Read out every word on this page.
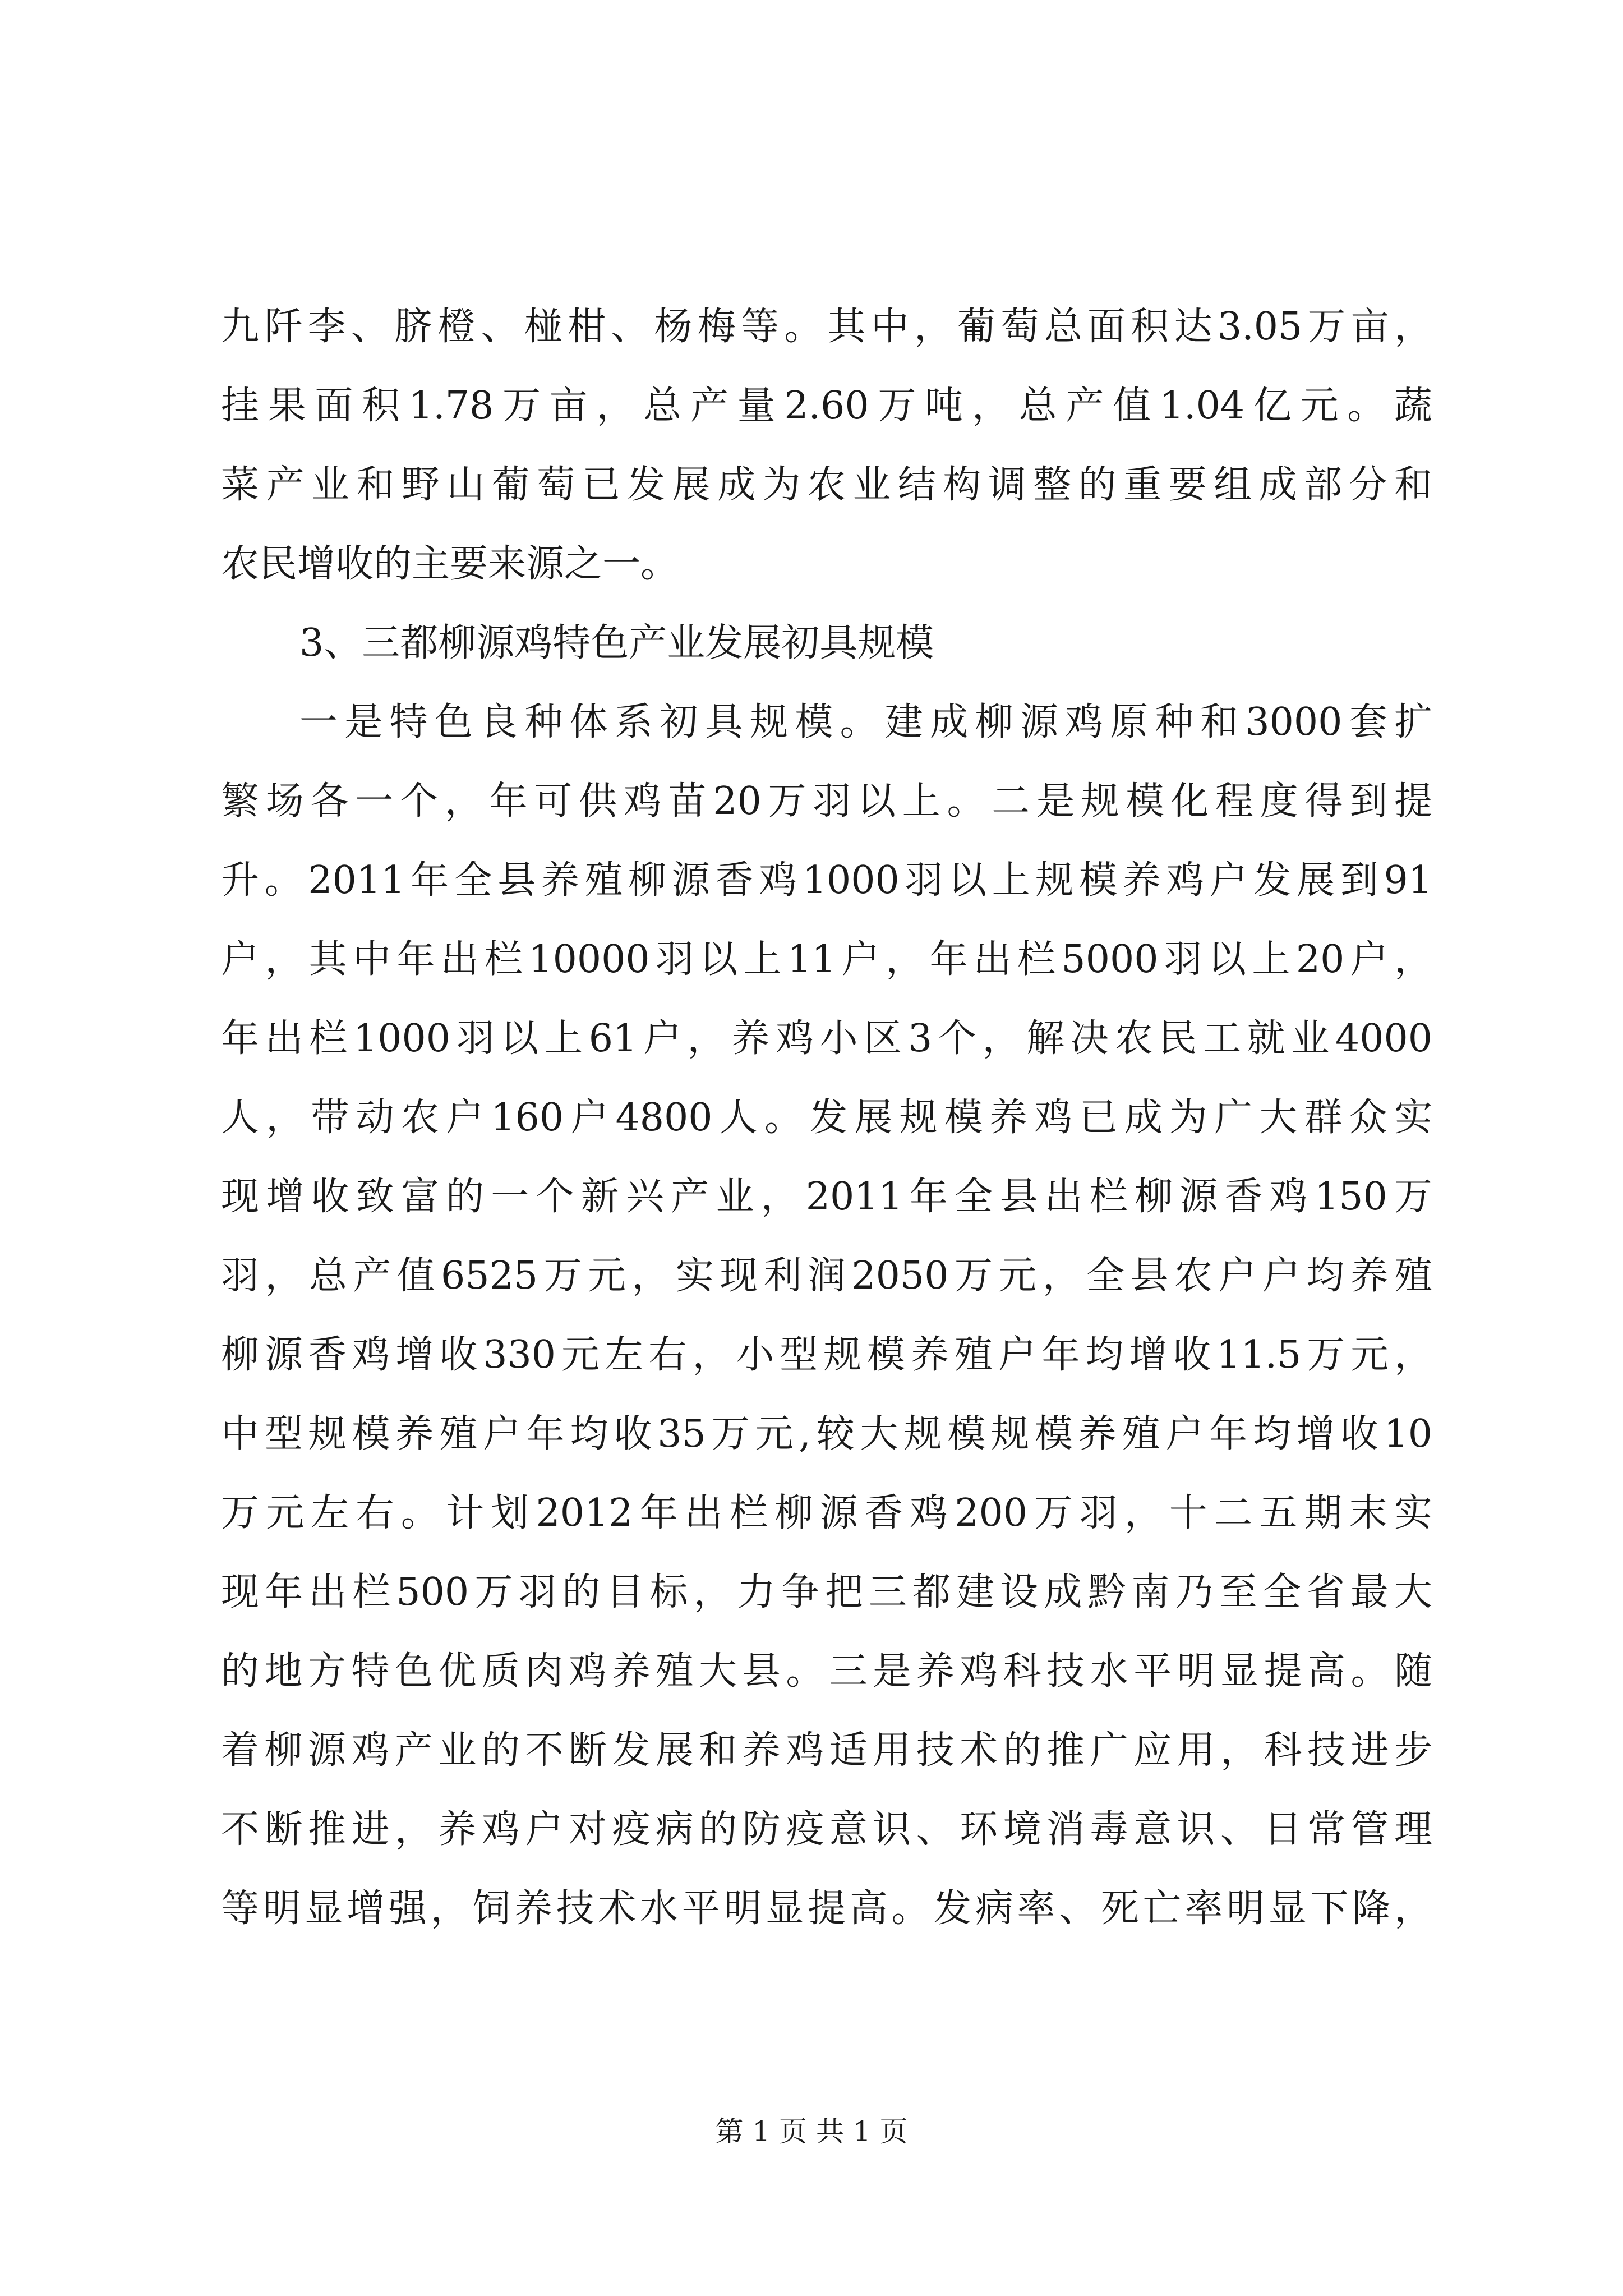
九阡李、脐橙、椪柑、杨梅等。其中，葡萄总面积达3.05万亩，
挂果面积1.78万亩，总产量2.60万吨，总产值1.04亿元。蔬
菜产业和野山葡萄已发展成为农业结构调整的重要组成部分和
农民增收的主要来源之一。
3、三都柳源鸡特色产业发展初具规模
一是特色良种体系初具规模。建成柳源鸡原种和3000套扩
繁场各一个，年可供鸡苗20万羽以上。二是规模化程度得到提
升。2011年全县养殖柳源香鸡1000羽以上规模养鸡户发展到91
户，其中年出栏10000羽以上11户，年出栏5000羽以上20户，
年出栏1000羽以上61户，养鸡小区3个，解决农民工就业4000
人，带动农户160户4800人。发展规模养鸡已成为广大群众实
现增收致富的一个新兴产业，2011年全县出栏柳源香鸡150万
羽，总产值6525万元，实现利润2050万元，全县农户户均养殖
柳源香鸡增收330元左右，小型规模养殖户年均增收11.5万元，
中型规模养殖户年均收35万元,较大规模规模养殖户年均增收10
万元左右。计划2012年出栏柳源香鸡200万羽，十二五期末实
现年出栏500万羽的目标，力争把三都建设成黔南乃至全省最大
的地方特色优质肉鸡养殖大县。三是养鸡科技水平明显提高。随
着柳源鸡产业的不断发展和养鸡适用技术的推广应用，科技进步
不断推进，养鸡户对疫病的防疫意识、环境消毒意识、日常管理
等明显增强，饲养技术水平明显提高。发病率、死亡率明显下降，
第 1 页 共 1 页
